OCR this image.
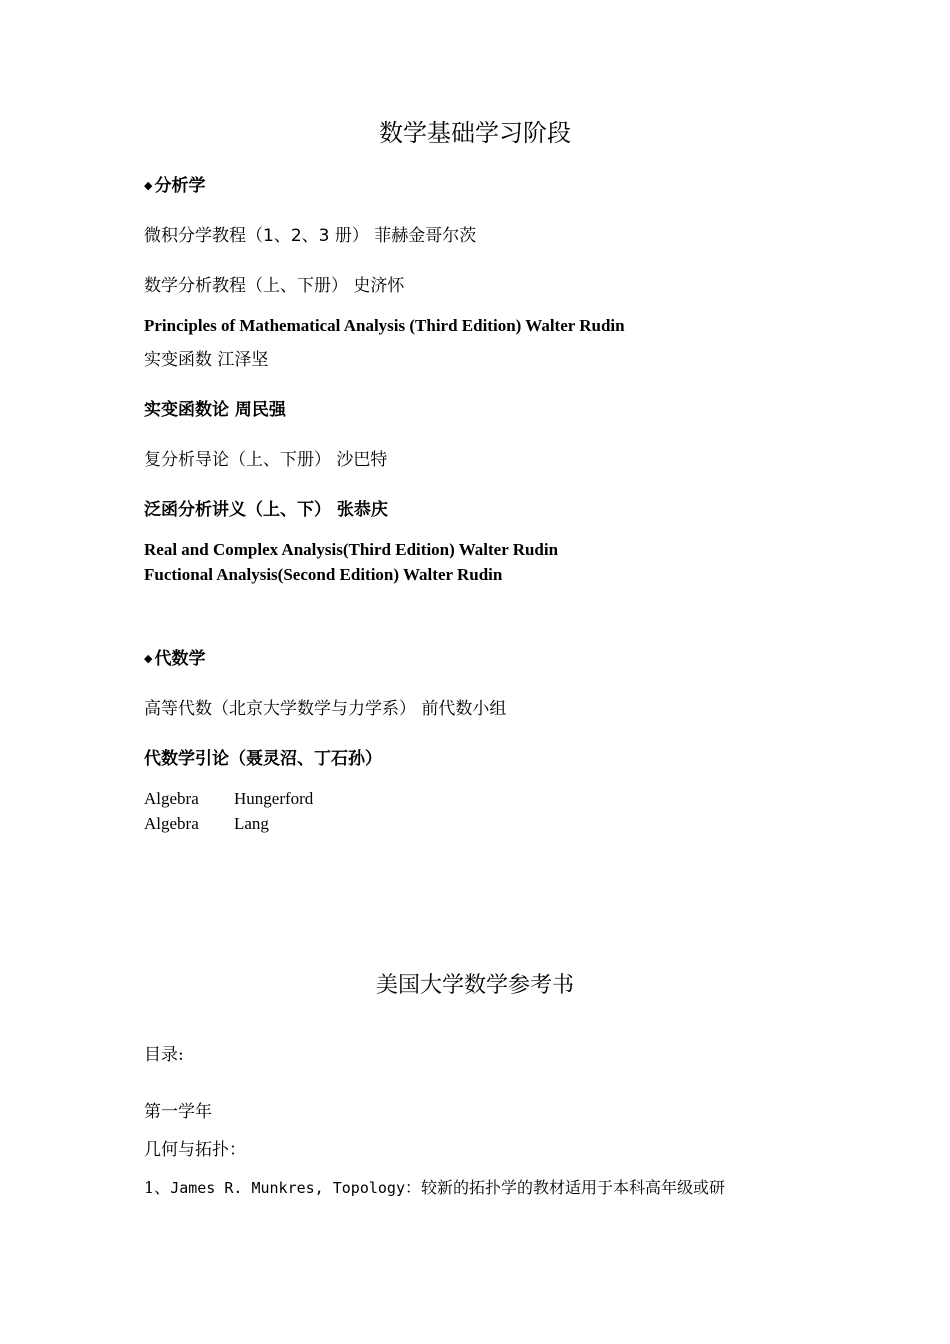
数学基础学习阶段
◆ 分析学
微积分学教程（1、2、3 册） 菲赫金哥尔茨
数学分析教程（上、下册） 史济怀
Principles of Mathematical Analysis (Third Edition) Walter Rudin
实变函数 江泽坚
实变函数论 周民强
复分析导论（上、下册） 沙巴特
泛函分析讲义（上、下） 张恭庆
Real and Complex Analysis(Third Edition) Walter Rudin
Fuctional Analysis(Second Edition) Walter Rudin
◆ 代数学
高等代数（北京大学数学与力学系） 前代数小组
代数学引论（聂灵沼、丁石孙）
Algebra Hungerford
Algebra Lang
美国大学数学参考书
目录:
第一学年
几何与拓扑：
1、James R. Munkres, Topology：较新的拓扑学的教材适用于本科高年级或研
